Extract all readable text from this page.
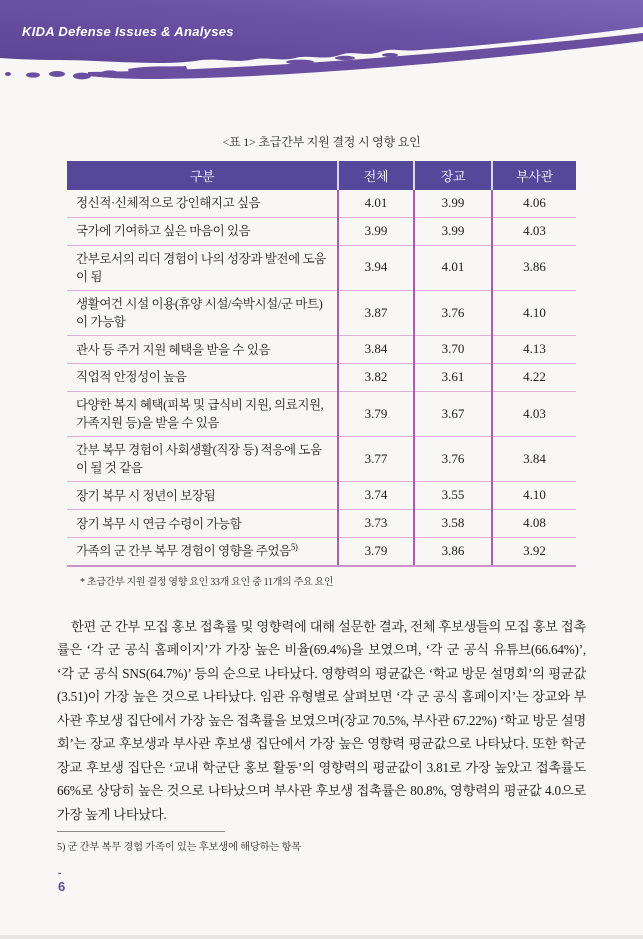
KIDA Defense Issues & Analyses
<표 1> 초급간부 지원 결정 시 영향 요인
구분	전체	장교	부사관
정신적·신체적으로 강인해지고 싶음	4.01	3.99	4.06
국가에 기여하고 싶은 마음이 있음	3.99	3.99	4.03
간부로서의 리더 경험이 나의 성장과 발전에 도움이 됨	3.94	4.01	3.86
생활여건 시설 이용(휴양 시설/숙박시설/군 마트)이 가능함	3.87	3.76	4.10
관사 등 주거 지원 혜택을 받을 수 있음	3.84	3.70	4.13
직업적 안정성이 높음	3.82	3.61	4.22
다양한 복지 혜택(피복 및 급식비 지원, 의료지원, 가족지원 등)을 받을 수 있음	3.79	3.67	4.03
간부 복무 경험이 사회생활(직장 등) 적응에 도움이 될 것 같음	3.77	3.76	3.84
장기 복무 시 정년이 보장됨	3.74	3.55	4.10
장기 복무 시 연금 수령이 가능함	3.73	3.58	4.08
가족의 군 간부 복무 경험이 영향을 주었음$^{5)}$	3.79	3.86	3.92
* 초급간부 지원 결정 영향 요인 33개 요인 중 11개의 주요 요인

한편 군 간부 모집 홍보 접촉률 및 영향력에 대해 설문한 결과, 전체 후보생들의 모집 홍보 접촉률은 ‘각 군 공식 홈페이지’가 가장 높은 비율(69.4%)을 보였으며, ‘각 군 공식 유튜브(66.64%)’, ‘각 군 공식 SNS(64.7%)’ 등의 순으로 나타났다. 영향력의 평균값은 ‘학교 방문 설명회’의 평균값(3.51)이 가장 높은 것으로 나타났다. 임관 유형별로 살펴보면 ‘각 군 공식 홈페이지’는 장교와 부사관 후보생 집단에서 가장 높은 접촉률을 보였으며(장교 70.5%, 부사관 67.22%) ‘학교 방문 설명회’는 장교 후보생과 부사관 후보생 집단에서 가장 높은 영향력 평균값으로 나타났다. 또한 학군 장교 후보생 집단은 ‘교내 학군단 홍보 활동’의 영향력의 평균값이 3.81로 가장 높았고 접촉률도 66%로 상당히 높은 것으로 나타났으며 부사관 후보생 접촉률은 80.8%, 영향력의 평균값 4.0으로 가장 높게 나타났다.

5) 군 간부 복무 경험 가족이 있는 후보생에 해당하는 항목
-
6
